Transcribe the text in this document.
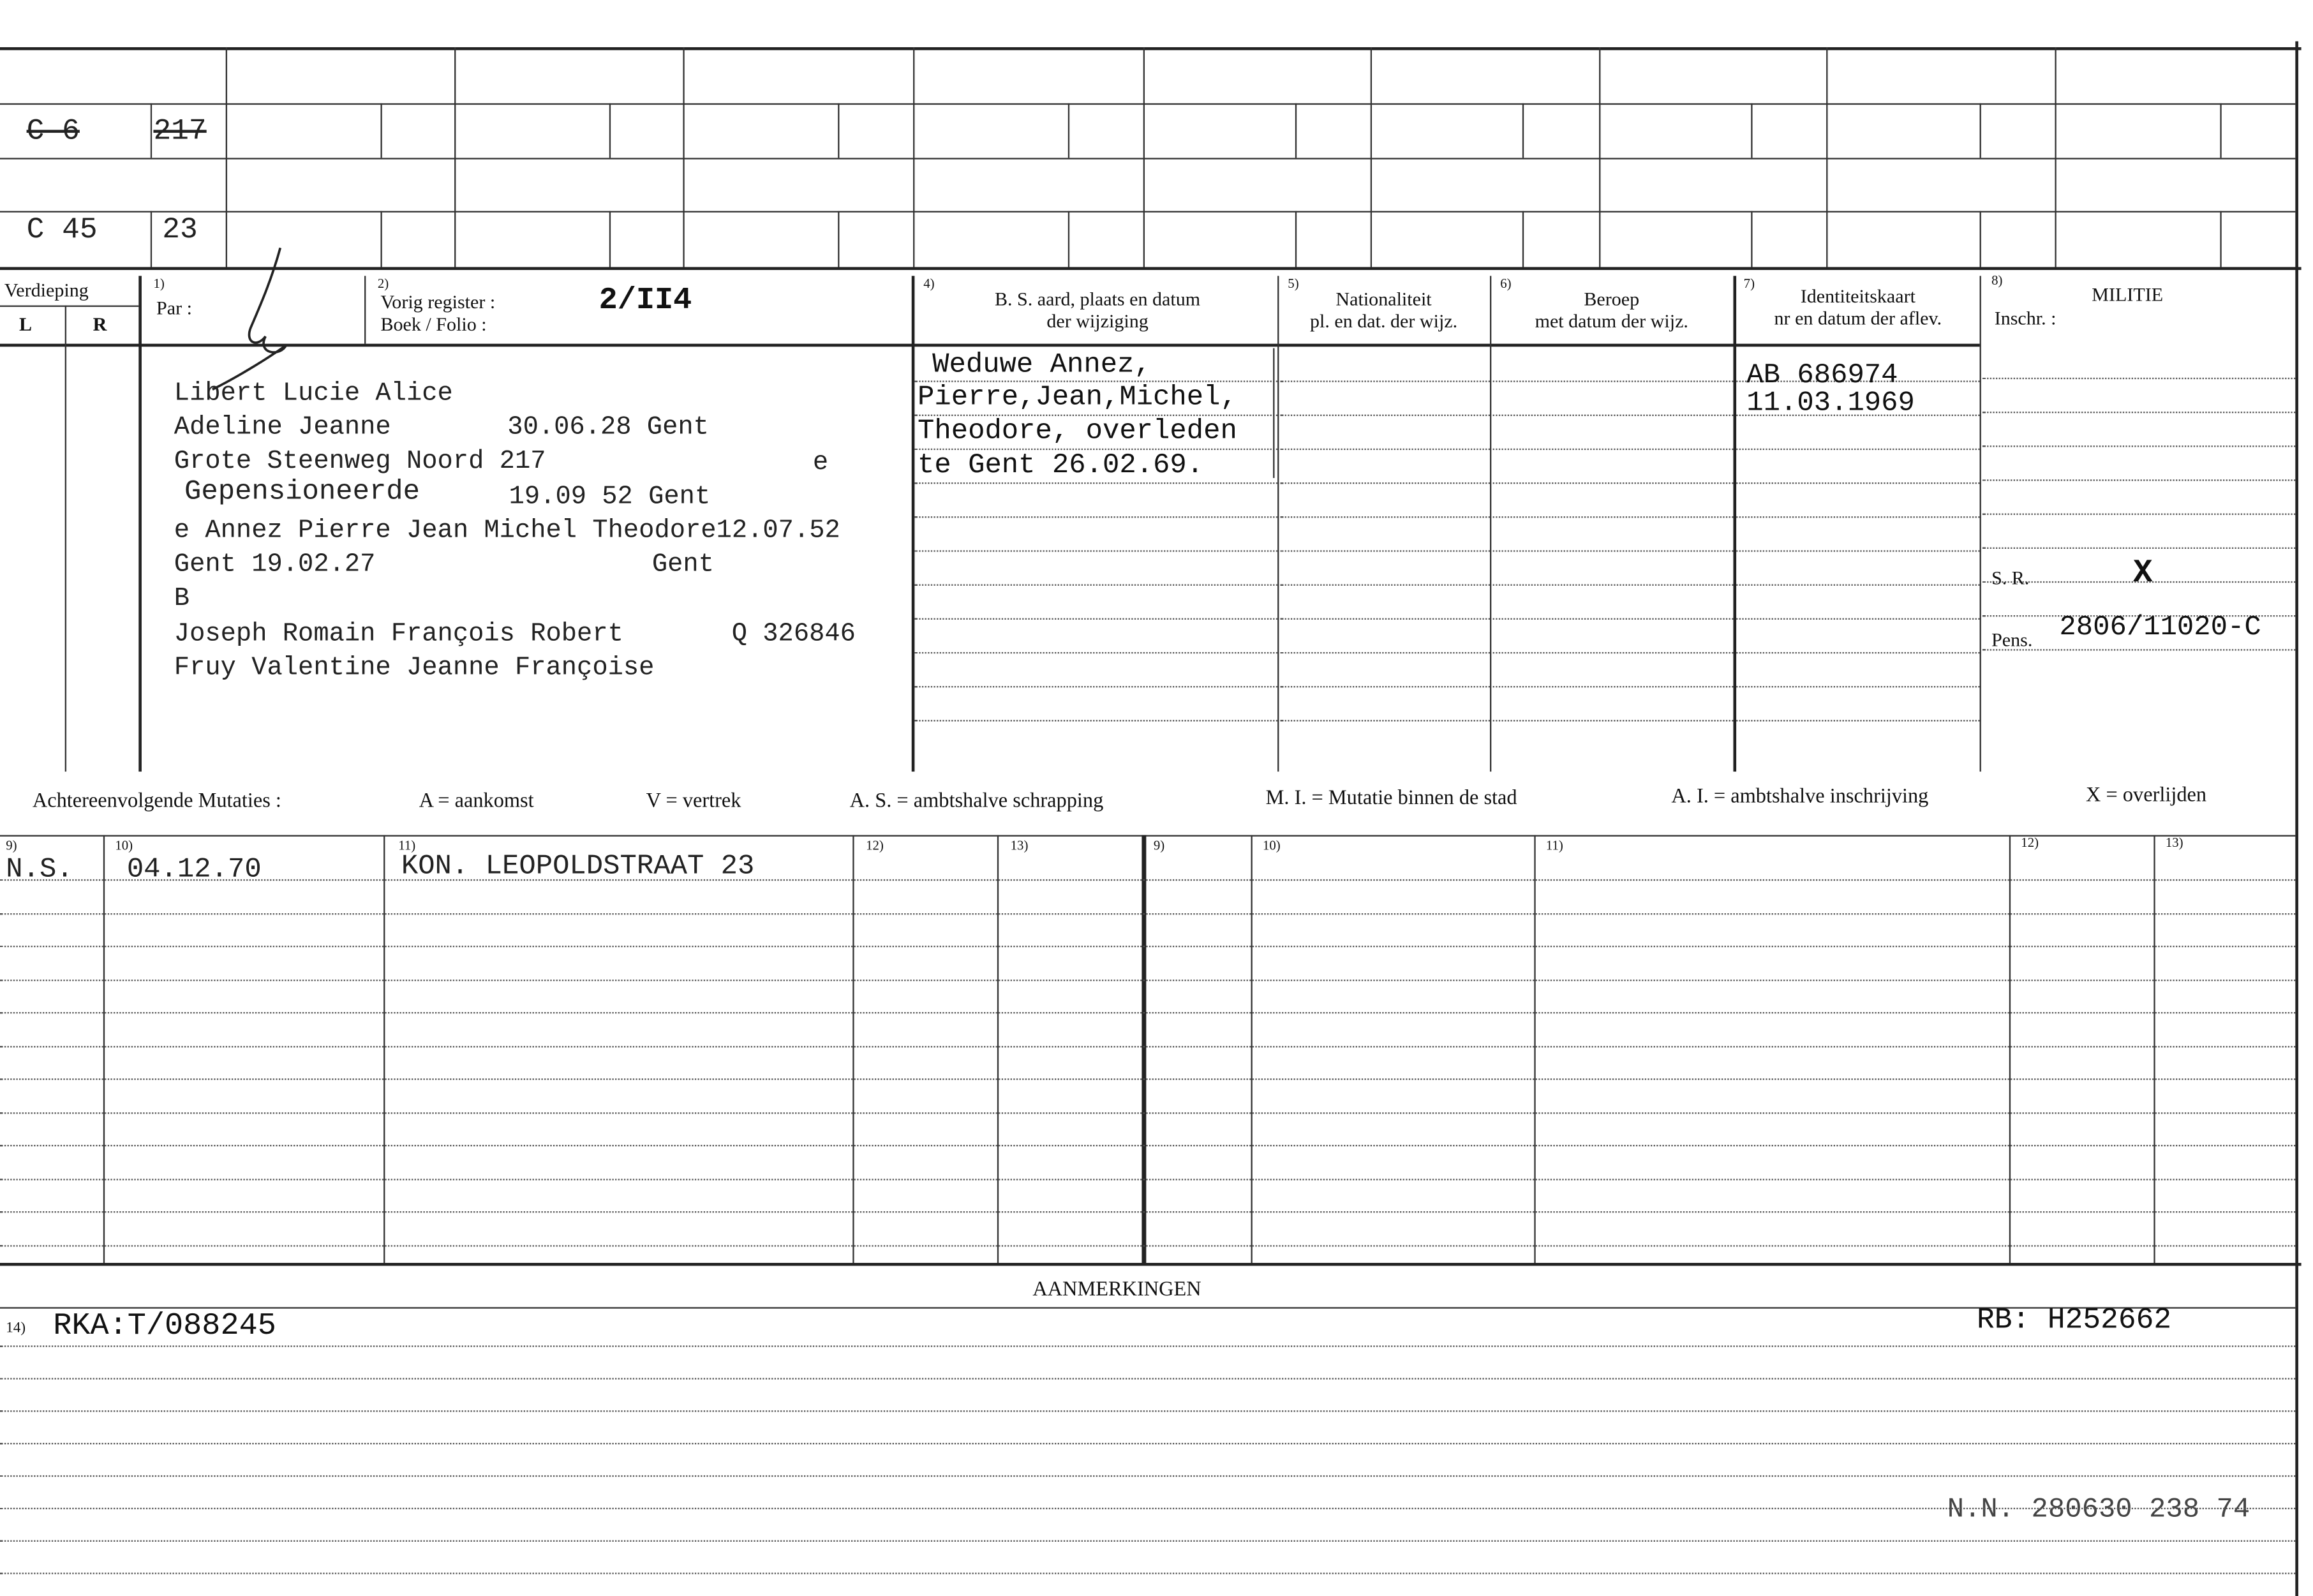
C 6	217
C 45	23
Verdieping
L	R
1)
Par :
2)
Vorig register :
Boek / Folio :
2/II4
4)
B. S. aard, plaats en datum
der wijziging
5)
Nationaliteit
pl. en dat. der wijz.
6)
Beroep
met datum der wijz.
7)
Identiteitskaart
nr en datum der aflev.
8)
MILITIE
Inschr. :
Libert Lucie Alice
Adeline Jeanne	30.06.28 Gent
Grote Steenweg Noord 217	e
Gepensioneerde	19.09 52 Gent
e Annez Pierre Jean Michel Theodore12.07.52
Gent 19.02.27	Gent
B
Joseph Romain François Robert	Q 326846
Fruy Valentine Jeanne Françoise
Weduwe Annez,
Pierre,Jean,Michel,
Theodore, overleden
te Gent 26.02.69.
AB 686974
11.03.1969
S. R.	X
Pens. 2806/11020-C
Achtereenvolgende Mutaties :	A = aankomst	V = vertrek	A. S. = ambtshalve schrapping	M. I. = Mutatie binnen de stad	A. I. = ambtshalve inschrijving	X = overlijden
9)	10)	11)	12)	13)	9)	10)	11)	12)	13)
N.S.	04.12.70	KON. LEOPOLDSTRAAT 23
AANMERKINGEN
14) RKA:T/088245	RB: H252662
N.N. 280630 238 74
